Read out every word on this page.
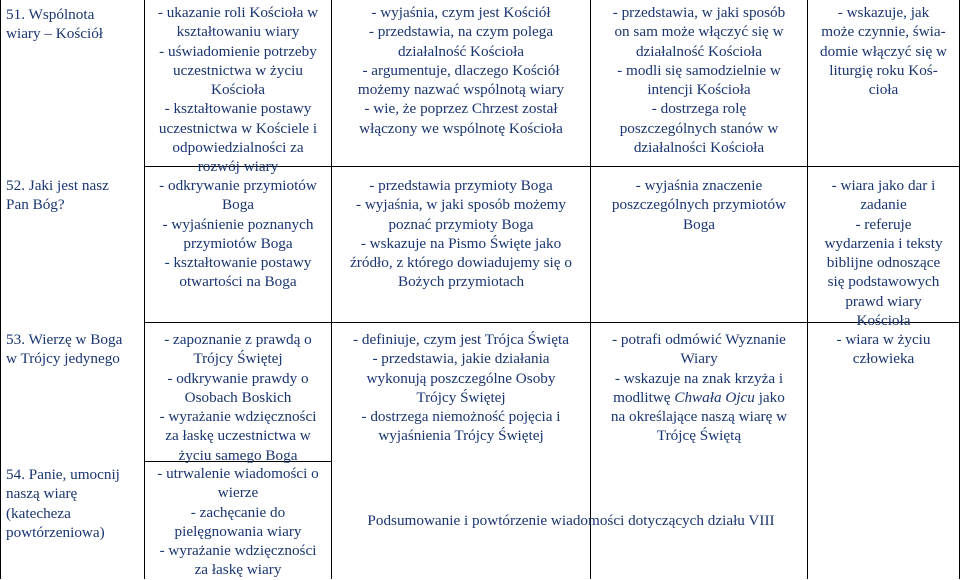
51. Wspólnota

wiary – Kościół

52. Jaki jest nasz

Pan Bóg?

53. Wierzę w Boga

w Trójcy jedynego

54. Panie, umocnij

naszą wiarę

(katecheza

powtórzeniowa)

- ukazanie roli Kościoła w

kształtowaniu wiary

- uświadomienie potrzeby

uczestnictwa w życiu

Kościoła

- kształtowanie postawy

uczestnictwa w Kościele i

odpowiedzialności za

rozwój wiary

- odkrywanie przymiotów

Boga

- wyjaśnienie poznanych

przymiotów Boga

- kształtowanie postawy

otwartości na Boga

- zapoznanie z prawdą o

Trójcy Świętej

- odkrywanie prawdy o

Osobach Boskich

- wyrażanie wdzięczności

za łaskę uczestnictwa w

życiu samego Boga

- utrwalenie wiadomości o

wierze

- zachęcanie do

pielęgnowania wiary

- wyrażanie wdzięczności

za łaskę wiary

- wyjaśnia, czym jest Kościół

- przedstawia, na czym polega

działalność Kościoła

- argumentuje, dlaczego Kościół

możemy nazwać wspólnotą wiary

- wie, że poprzez Chrzest został

włączony we wspólnotę Kościoła

- przedstawia przymioty Boga

- wyjaśnia, w jaki sposób możemy

poznać przymioty Boga

- wskazuje na Pismo Święte jako

źródło, z którego dowiadujemy się o

Bożych przymiotach

- definiuje, czym jest Trójca Święta

- przedstawia, jakie działania

wykonują poszczególne Osoby

Trójcy Świętej

- dostrzega niemożność pojęcia i

wyjaśnienia Trójcy Świętej

- przedstawia, w jaki sposób

on sam może włączyć się w

działalność Kościoła

- modli się samodzielnie w

intencji Kościoła

- dostrzega rolę

poszczególnych stanów w

działalności Kościoła

- wyjaśnia znaczenie

poszczególnych przymiotów

Boga

- potrafi odmówić Wyznanie

Wiary

- wskazuje na znak krzyża i

modlitwę Chwała Ojcu jako

na określające naszą wiarę w

Trójcę Świętą

- wskazuje, jak

może czynnie, świa-

domie włączyć się w

liturgię roku Koś-

cioła

- wiara jako dar i

zadanie

- referuje

wydarzenia i teksty

biblijne odnoszące

się podstawowych

prawd wiary

Kościoła

- wiara w życiu

człowieka

Podsumowanie i powtórzenie wiadomości dotyczących działu VIII
